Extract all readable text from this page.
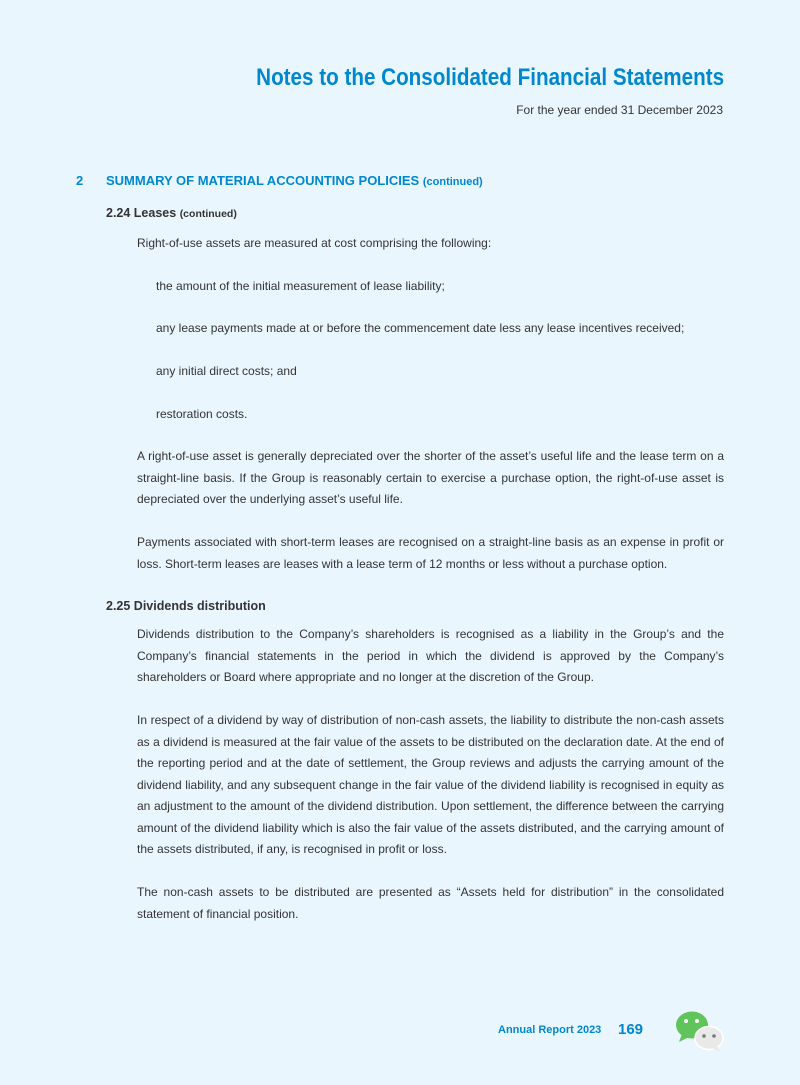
Notes to the Consolidated Financial Statements
For the year ended 31 December 2023
2 SUMMARY OF MATERIAL ACCOUNTING POLICIES (continued)
2.24 Leases (continued)

Right-of-use assets are measured at cost comprising the following:

the amount of the initial measurement of lease liability;

any lease payments made at or before the commencement date less any lease incentives received;

any initial direct costs; and

restoration costs.

A right-of-use asset is generally depreciated over the shorter of the asset’s useful life and the lease term on a straight-line basis. If the Group is reasonably certain to exercise a purchase option, the right-of-use asset is depreciated over the underlying asset’s useful life.

Payments associated with short-term leases are recognised on a straight-line basis as an expense in profit or loss. Short-term leases are leases with a lease term of 12 months or less without a purchase option.

2.25 Dividends distribution

Dividends distribution to the Company’s shareholders is recognised as a liability in the Group’s and the Company’s financial statements in the period in which the dividend is approved by the Company’s shareholders or Board where appropriate and no longer at the discretion of the Group.

In respect of a dividend by way of distribution of non-cash assets, the liability to distribute the non-cash assets as a dividend is measured at the fair value of the assets to be distributed on the declaration date. At the end of the reporting period and at the date of settlement, the Group reviews and adjusts the carrying amount of the dividend liability, and any subsequent change in the fair value of the dividend liability is recognised in equity as an adjustment to the amount of the dividend distribution. Upon settlement, the difference between the carrying amount of the dividend liability which is also the fair value of the assets distributed, and the carrying amount of the assets distributed, if any, is recognised in profit or loss.

The non-cash assets to be distributed are presented as “Assets held for distribution” in the consolidated statement of financial position.

Annual Report 2023 169
